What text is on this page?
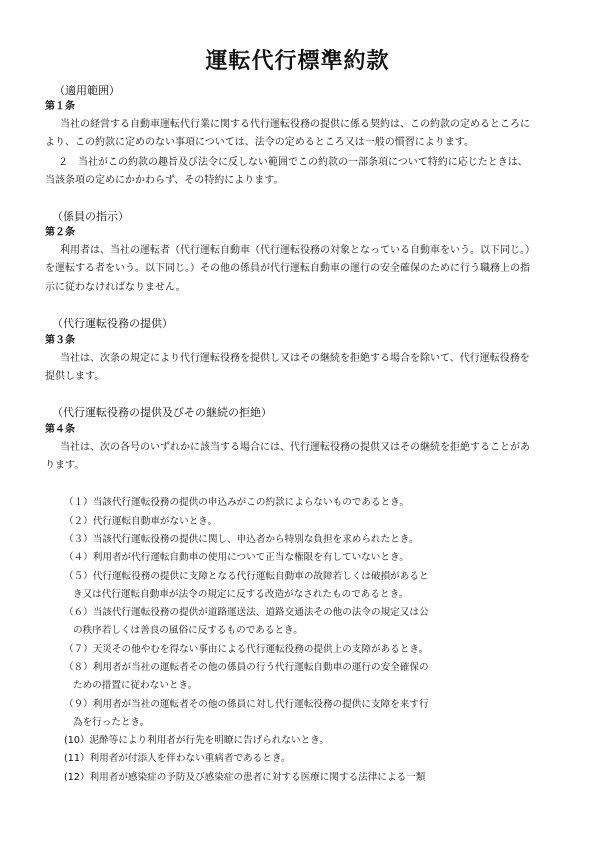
運転代行標準約款
（適用範囲）
第１条
当社の経営する自動車運転代行業に関する代行運転役務の提供に係る契約は、この約款の定めるところに
より、この約款に定めのない事項については、法令の定めるところ又は一般の慣習によります。
２　当社がこの約款の趣旨及び法令に反しない範囲でこの約款の一部条項について特約に応じたときは、
当該条項の定めにかかわらず、その特約によります。
（係員の指示）
第２条
利用者は、当社の運転者（代行運転自動車（代行運転役務の対象となっている自動車をいう。以下同じ。）
を運転する者をいう。以下同じ。）その他の係員が代行運転自動車の運行の安全確保のために行う職務上の指
示に従わなければなりません。
（代行運転役務の提供）
第３条
当社は、次条の規定により代行運転役務を提供し又はその継続を拒絶する場合を除いて、代行運転役務を
提供します。
（代行運転役務の提供及びその継続の拒絶）
第４条
当社は、次の各号のいずれかに該当する場合には、代行運転役務の提供又はその継続を拒絶することがあ
ります。
（１）当該代行運転役務の提供の申込みがこの約款によらないものであるとき。
（２）代行運転自動車がないとき。
（３）当該代行運転役務の提供に関し、申込者から特別な負担を求められたとき。
（４）利用者が代行運転自動車の使用について正当な権限を有していないとき。
（５）代行運転役務の提供に支障となる代行運転自動車の故障若しくは破損があると
き又は代行運転自動車が法令の規定に反する改造がなされたものであるとき。
（６）当該代行運転役務の提供が道路運送法、道路交通法その他の法令の規定又は公
の秩序若しくは善良の風俗に反するものであるとき。
（７）天災その他やむを得ない事由による代行運転役務の提供上の支障があるとき。
（８）利用者が当社の運転者その他の係員の行う代行運転自動車の運行の安全確保の
ための措置に従わないとき。
（９）利用者が当社の運転者その他の係員に対し代行運転役務の提供に支障を来す行
為を行ったとき。
(10）泥酔等により利用者が行先を明瞭に告げられないとき。
(11）利用者が付添人を伴わない重病者であるとき。
(12）利用者が感染症の予防及び感染症の患者に対する医療に関する法律による一類
